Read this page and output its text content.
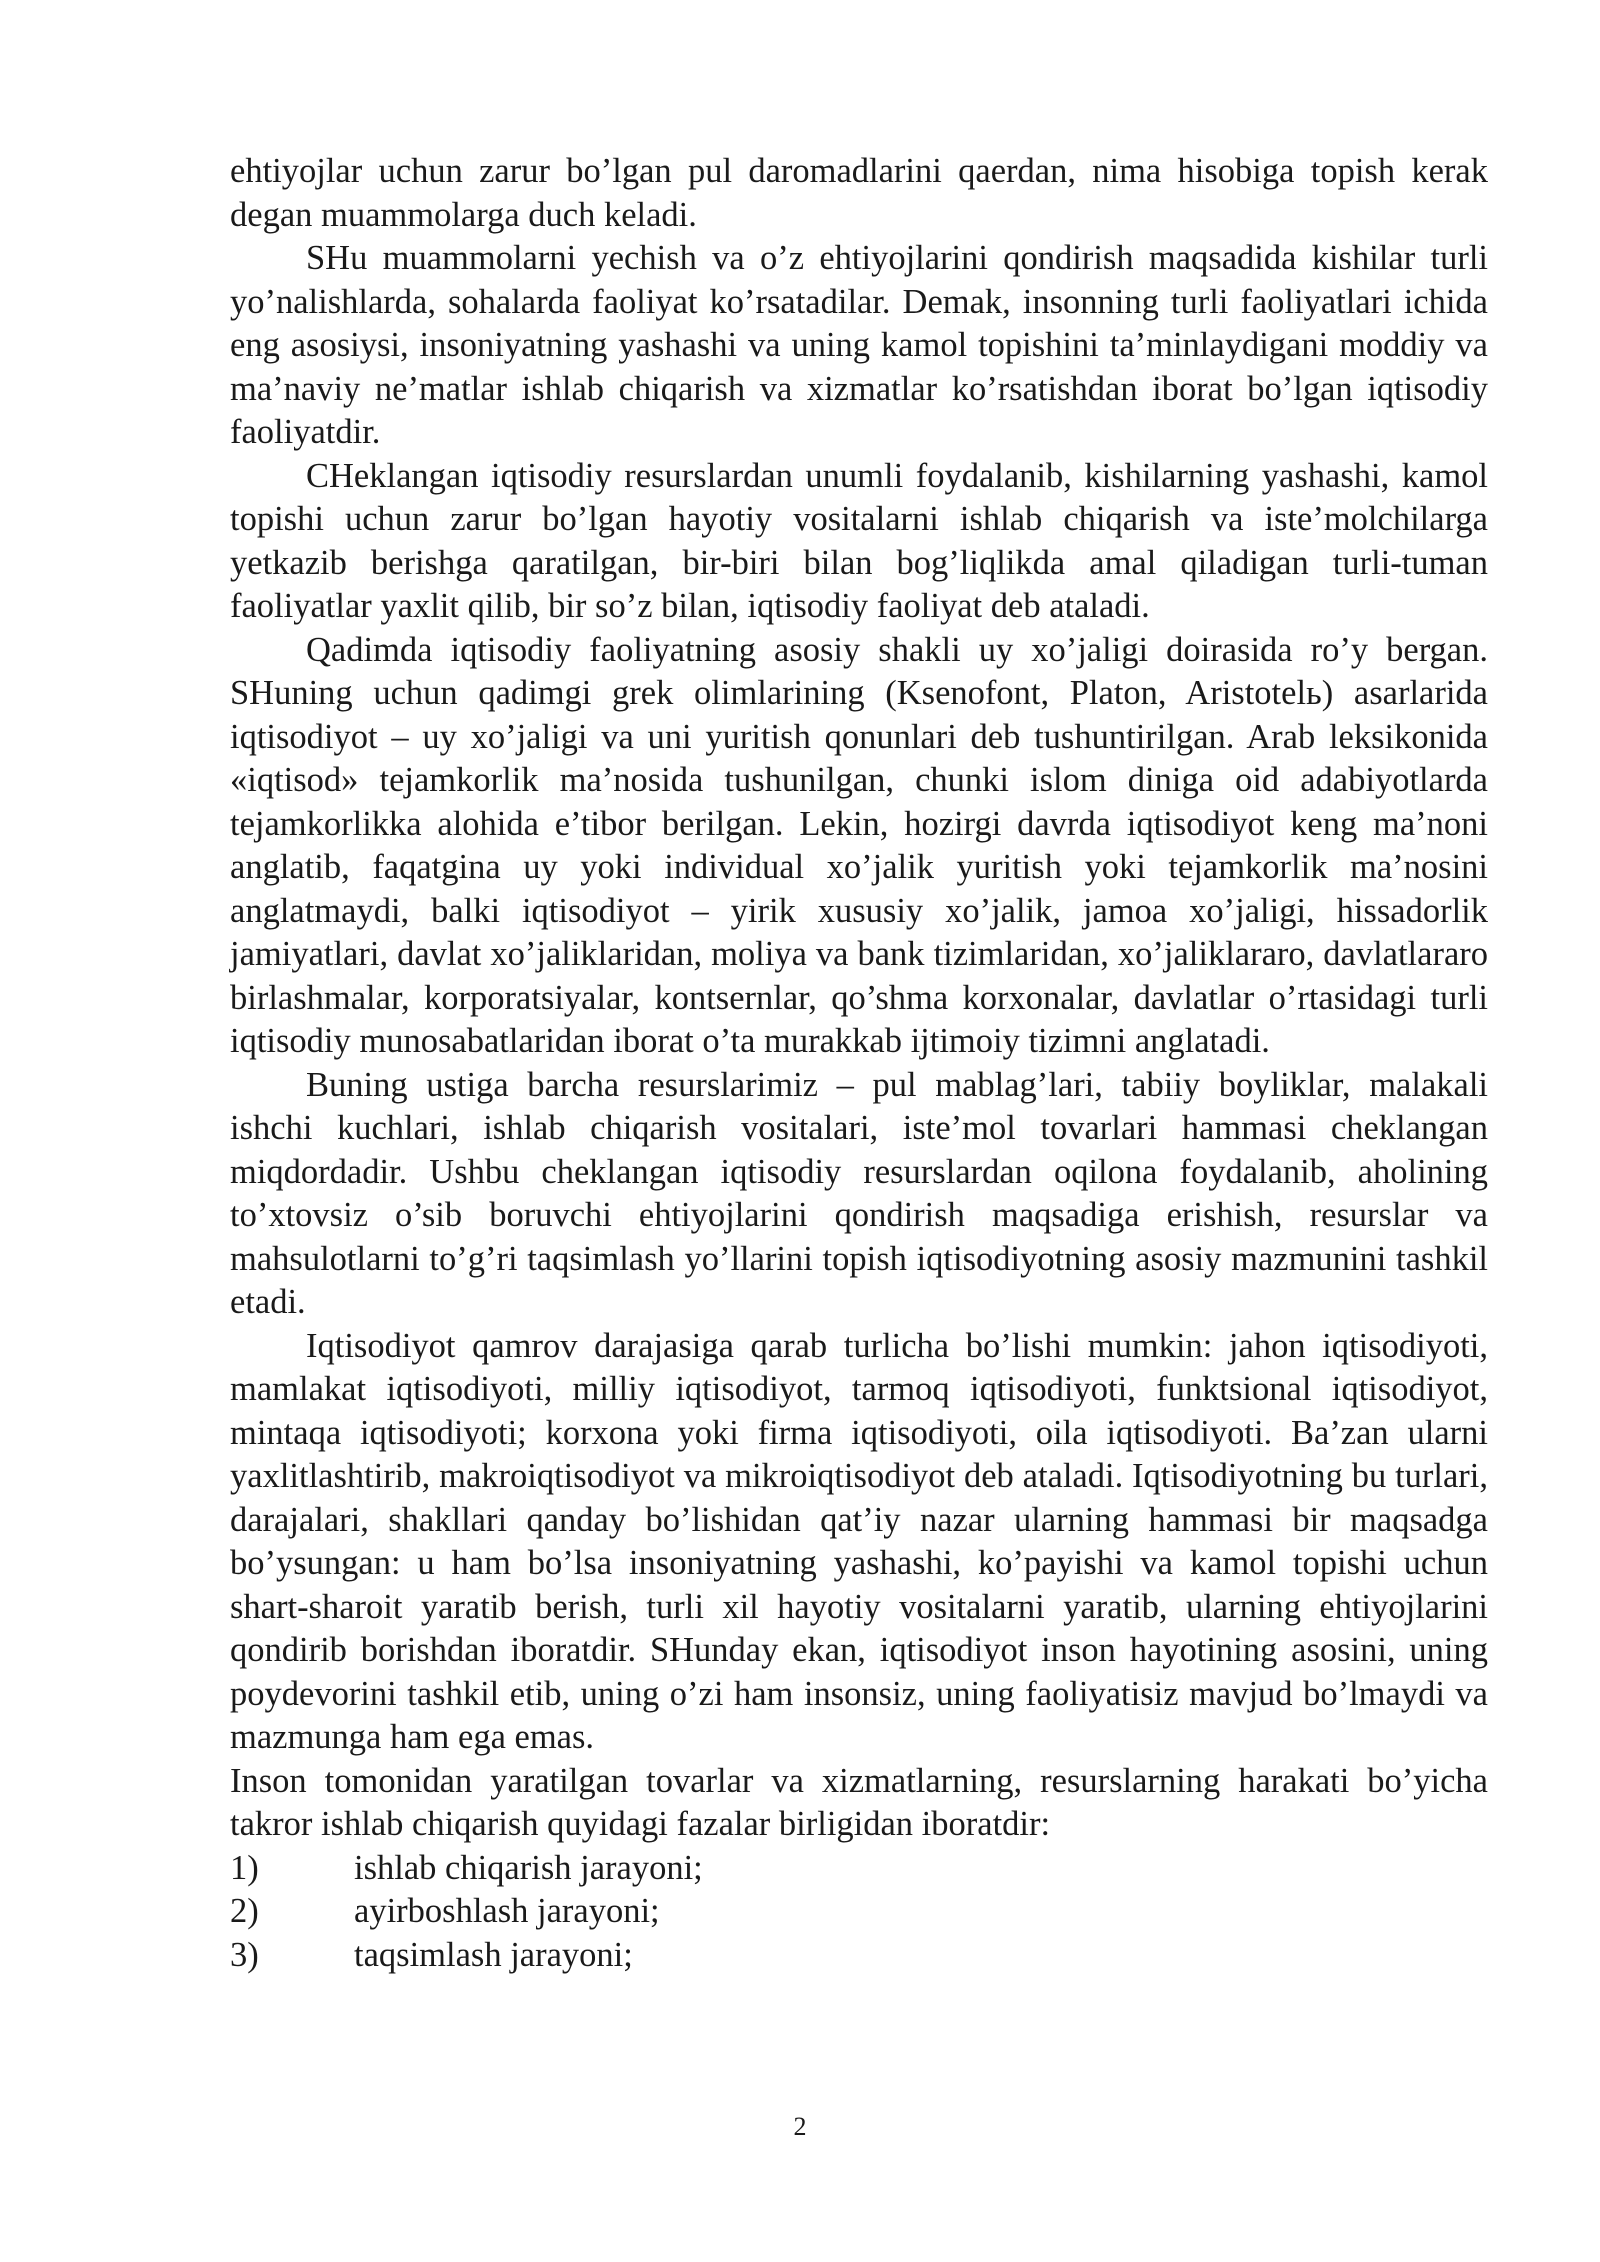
ehtiyojlar uchun zarur bo’lgan pul daromadlarini qaerdan, nima hisobiga topish kerak degan muammolarga duch keladi.

SHu muammolarni yechish va o’z ehtiyojlarini qondirish maqsadida kishilar turli yo’nalishlarda, sohalarda faoliyat ko’rsatadilar. Demak, insonning turli faoliyatlari ichida eng asosiysi, insoniyatning yashashi va uning kamol topishini ta’minlaydigani moddiy va ma’naviy ne’matlar ishlab chiqarish va xizmatlar ko’rsatishdan iborat bo’lgan iqtisodiy faoliyatdir.

CHeklangan iqtisodiy resurslardan unumli foydalanib, kishilarning yashashi, kamol topishi uchun zarur bo’lgan hayotiy vositalarni ishlab chiqarish va iste’molchilarga yetkazib berishga qaratilgan, bir-biri bilan bog’liqlikda amal qiladigan turli-tuman faoliyatlar yaxlit qilib, bir so’z bilan, iqtisodiy faoliyat deb ataladi.

Qadimda iqtisodiy faoliyatning asosiy shakli uy xo’jaligi doirasida ro’y bergan. SHuning uchun qadimgi grek olimlarining (Ksenofont, Platon, Aristotelь) asarlarida iqtisodiyot – uy xo’jaligi va uni yuritish qonunlari deb tushuntirilgan. Arab leksikonida «iqtisod» tejamkorlik ma’nosida tushunilgan, chunki islom diniga oid adabiyotlarda tejamkorlikka alohida e’tibor berilgan. Lekin, hozirgi davrda iqtisodiyot keng ma’noni anglatib, faqatgina uy yoki individual xo’jalik yuritish yoki tejamkorlik ma’nosini anglatmaydi, balki iqtisodiyot – yirik xususiy xo’jalik, jamoa xo’jaligi, hissadorlik jamiyatlari, davlat xo’jaliklaridan, moliya va bank tizimlaridan, xo’jaliklararo, davlatlararo birlashmalar, korporatsiyalar, kontsernlar, qo’shma korxonalar, davlatlar o’rtasidagi turli iqtisodiy munosabatlaridan iborat o’ta murakkab ijtimoiy tizimni anglatadi.

Buning ustiga barcha resurslarimiz – pul mablag’lari, tabiiy boyliklar, malakali ishchi kuchlari, ishlab chiqarish vositalari, iste’mol tovarlari hammasi cheklangan miqdordadir. Ushbu cheklangan iqtisodiy resurslardan oqilona foydalanib, aholining to’xtovsiz o’sib boruvchi ehtiyojlarini qondirish maqsadiga erishish, resurslar va mahsulotlarni to’g’ri taqsimlash yo’llarini topish iqtisodiyotning asosiy mazmunini tashkil etadi.

Iqtisodiyot qamrov darajasiga qarab turlicha bo’lishi mumkin: jahon iqtisodiyoti, mamlakat iqtisodiyoti, milliy iqtisodiyot, tarmoq iqtisodiyoti, funktsional iqtisodiyot, mintaqa iqtisodiyoti; korxona yoki firma iqtisodiyoti, oila iqtisodiyoti. Ba’zan ularni yaxlitlashtirib, makroiqtisodiyot va mikroiqtisodiyot deb ataladi. Iqtisodiyotning bu turlari, darajalari, shakllari qanday bo’lishidan qat’iy nazar ularning hammasi bir maqsadga bo’ysungan: u ham bo’lsa insoniyatning yashashi, ko’payishi va kamol topishi uchun shart-sharoit yaratib berish, turli xil hayotiy vositalarni yaratib, ularning ehtiyojlarini qondirib borishdan iboratdir. SHunday ekan, iqtisodiyot inson hayotining asosini, uning poydevorini tashkil etib, uning o’zi ham insonsiz, uning faoliyatisiz mavjud bo’lmaydi va mazmunga ham ega emas.

Inson tomonidan yaratilgan tovarlar va xizmatlarning, resurslarning harakati bo’yicha takror ishlab chiqarish quyidagi fazalar birligidan iboratdir:

1)	ishlab chiqarish jarayoni;
2)	ayirboshlash jarayoni;
3)	taqsimlash jarayoni;
2
